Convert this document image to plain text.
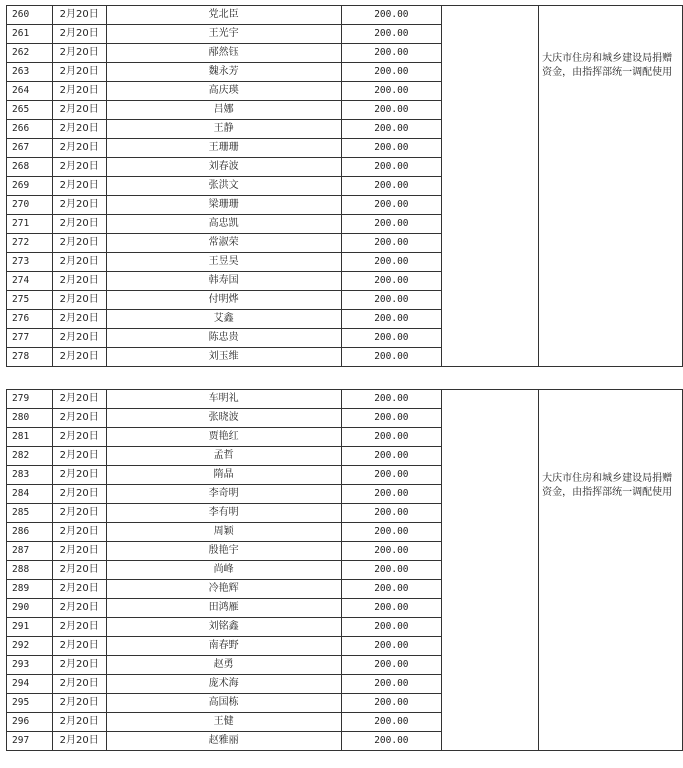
260	2月20日	党北臣	200.00		大庆市住房和城乡建设局捐赠资金，由指挥部统一调配使用
261	2月20日	王光宇	200.00		
262	2月20日	邴然钰	200.00		
263	2月20日	魏永芳	200.00		
264	2月20日	高庆瑛	200.00		
265	2月20日	吕娜	200.00		
266	2月20日	王静	200.00		
267	2月20日	王珊珊	200.00		
268	2月20日	刘春波	200.00		
269	2月20日	张洪文	200.00		
270	2月20日	梁珊珊	200.00		
271	2月20日	高忠凯	200.00		
272	2月20日	常淑荣	200.00		
273	2月20日	王昱昊	200.00		
274	2月20日	韩寿国	200.00		
275	2月20日	付明烨	200.00		
276	2月20日	艾鑫	200.00		
277	2月20日	陈忠贵	200.00		
278	2月20日	刘玉维	200.00		
279	2月20日	车明礼	200.00		大庆市住房和城乡建设局捐赠资金，由指挥部统一调配使用
280	2月20日	张晓波	200.00		
281	2月20日	贾艳红	200.00		
282	2月20日	孟哲	200.00		
283	2月20日	隋晶	200.00		
284	2月20日	李奇明	200.00		
285	2月20日	李有明	200.00		
286	2月20日	周颖	200.00		
287	2月20日	殷艳宇	200.00		
288	2月20日	尚峰	200.00		
289	2月20日	冷艳辉	200.00		
290	2月20日	田鸿雁	200.00		
291	2月20日	刘铭鑫	200.00		
292	2月20日	南春野	200.00		
293	2月20日	赵勇	200.00		
294	2月20日	庞术海	200.00		
295	2月20日	高国栋	200.00		
296	2月20日	王健	200.00		
297	2月20日	赵雅丽	200.00		
